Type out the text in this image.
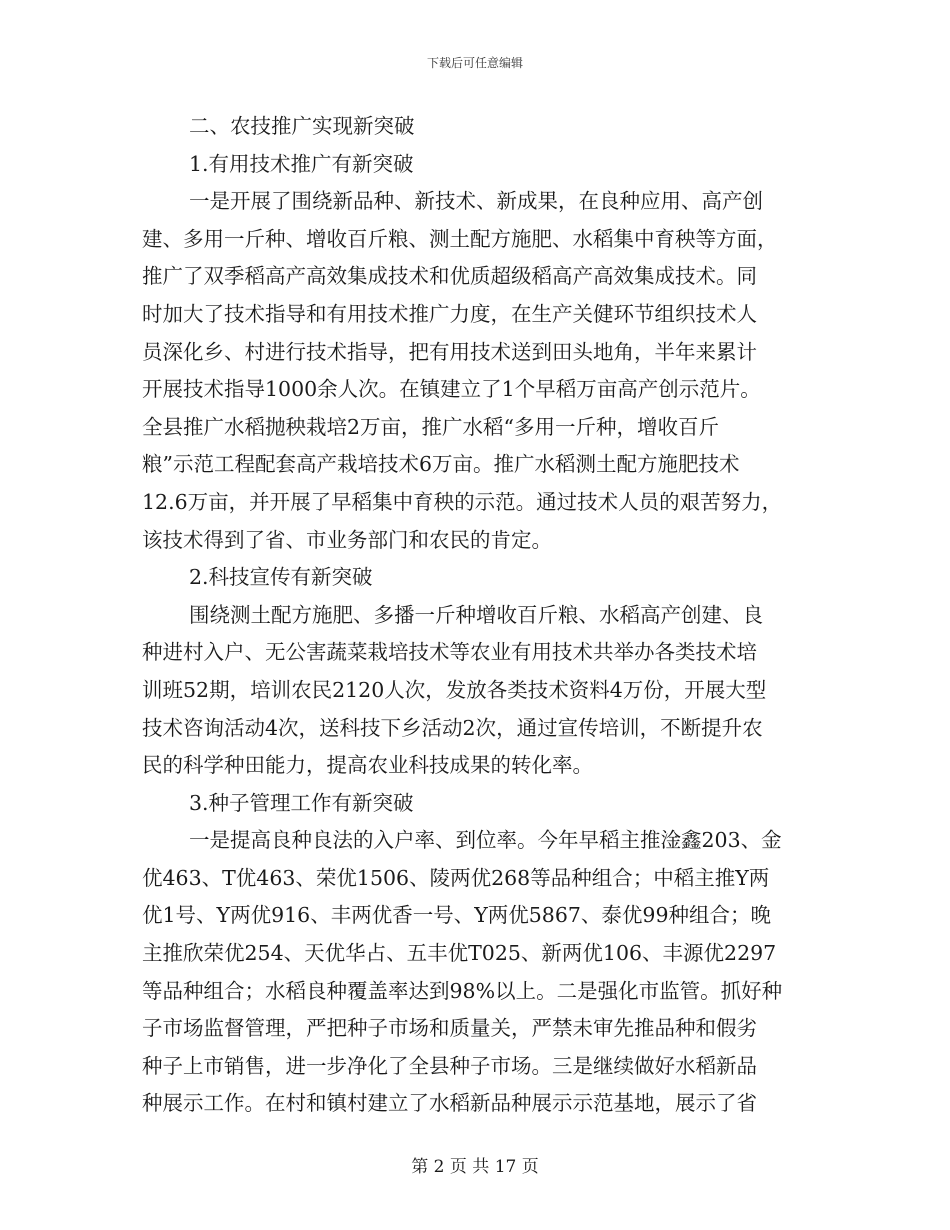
下载后可任意编辑
二、农技推广实现新突破
1.有用技术推广有新突破
一是开展了围绕新品种、新技术、新成果，在良种应用、高产创
建、多用一斤种、增收百斤粮、测土配方施肥、水稻集中育秧等方面，
推广了双季稻高产高效集成技术和优质超级稻高产高效集成技术。同
时加大了技术指导和有用技术推广力度，在生产关健环节组织技术人
员深化乡、村进行技术指导，把有用技术送到田头地角，半年来累计
开展技术指导1000余人次。在镇建立了1个早稻万亩高产创示范片。
全县推广水稻抛秧栽培2万亩，推广水稻“多用一斤种，增收百斤
粮”示范工程配套高产栽培技术6万亩。推广水稻测土配方施肥技术
12.6万亩，并开展了早稻集中育秧的示范。通过技术人员的艰苦努力，
该技术得到了省、市业务部门和农民的肯定。
2.科技宣传有新突破
围绕测土配方施肥、多播一斤种增收百斤粮、水稻高产创建、良
种进村入户、无公害蔬菜栽培技术等农业有用技术共举办各类技术培
训班52期，培训农民2120人次，发放各类技术资料4万份，开展大型
技术咨询活动4次，送科技下乡活动2次，通过宣传培训，不断提升农
民的科学种田能力，提高农业科技成果的转化率。
3.种子管理工作有新突破
一是提高良种良法的入户率、到位率。今年早稻主推淦鑫203、金
优463、T优463、荣优1506、陵两优268等品种组合；中稻主推Y两
优1号、Y两优916、丰两优香一号、Y两优5867、泰优99种组合；晚
主推欣荣优254、天优华占、五丰优T025、新两优106、丰源优2297
等品种组合；水稻良种覆盖率达到98%以上。二是强化市监管。抓好种
子市场监督管理，严把种子市场和质量关，严禁未审先推品种和假劣
种子上市销售，进一步净化了全县种子市场。三是继续做好水稻新品
种展示工作。在村和镇村建立了水稻新品种展示示范基地，展示了省
第 2 页 共 17 页
